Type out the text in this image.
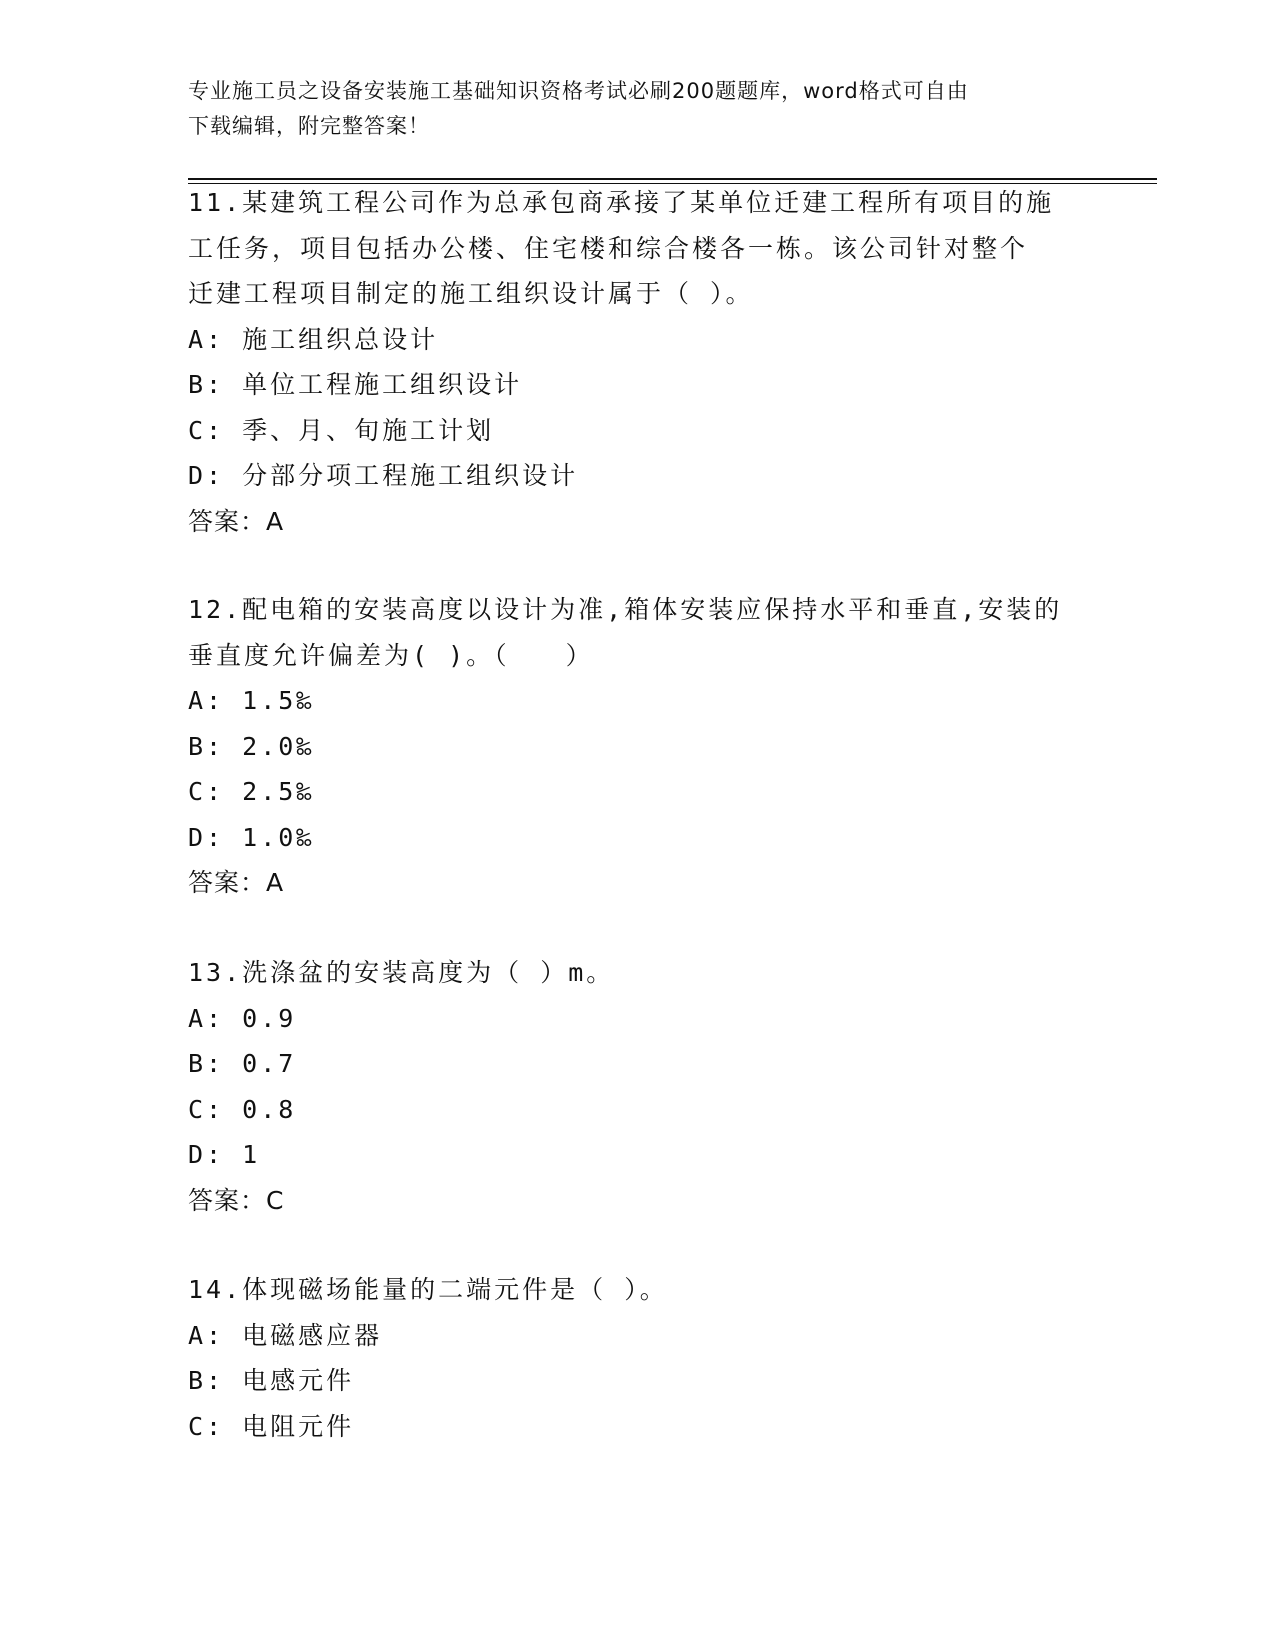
专业施工员之设备安装施工基础知识资格考试必刷200题题库，word格式可自由
下载编辑，附完整答案！

11.某建筑工程公司作为总承包商承接了某单位迁建工程所有项目的施

工任务，项目包括办公楼、住宅楼和综合楼各一栋。该公司针对整个

迁建工程项目制定的施工组织设计属于（ ）。

A: 施工组织总设计

B: 单位工程施工组织设计

C: 季、月、旬施工计划

D: 分部分项工程施工组织设计

答案：A

12.配电箱的安装高度以设计为准,箱体安装应保持水平和垂直,安装的

垂直度允许偏差为( )。（　　）

A: 1.5‰

B: 2.0‰

C: 2.5‰

D: 1.0‰

答案：A

13.洗涤盆的安装高度为（ ）m。

A: 0.9

B: 0.7

C: 0.8

D: 1

答案：C

14.体现磁场能量的二端元件是（ ）。

A: 电磁感应器

B: 电感元件

C: 电阻元件
